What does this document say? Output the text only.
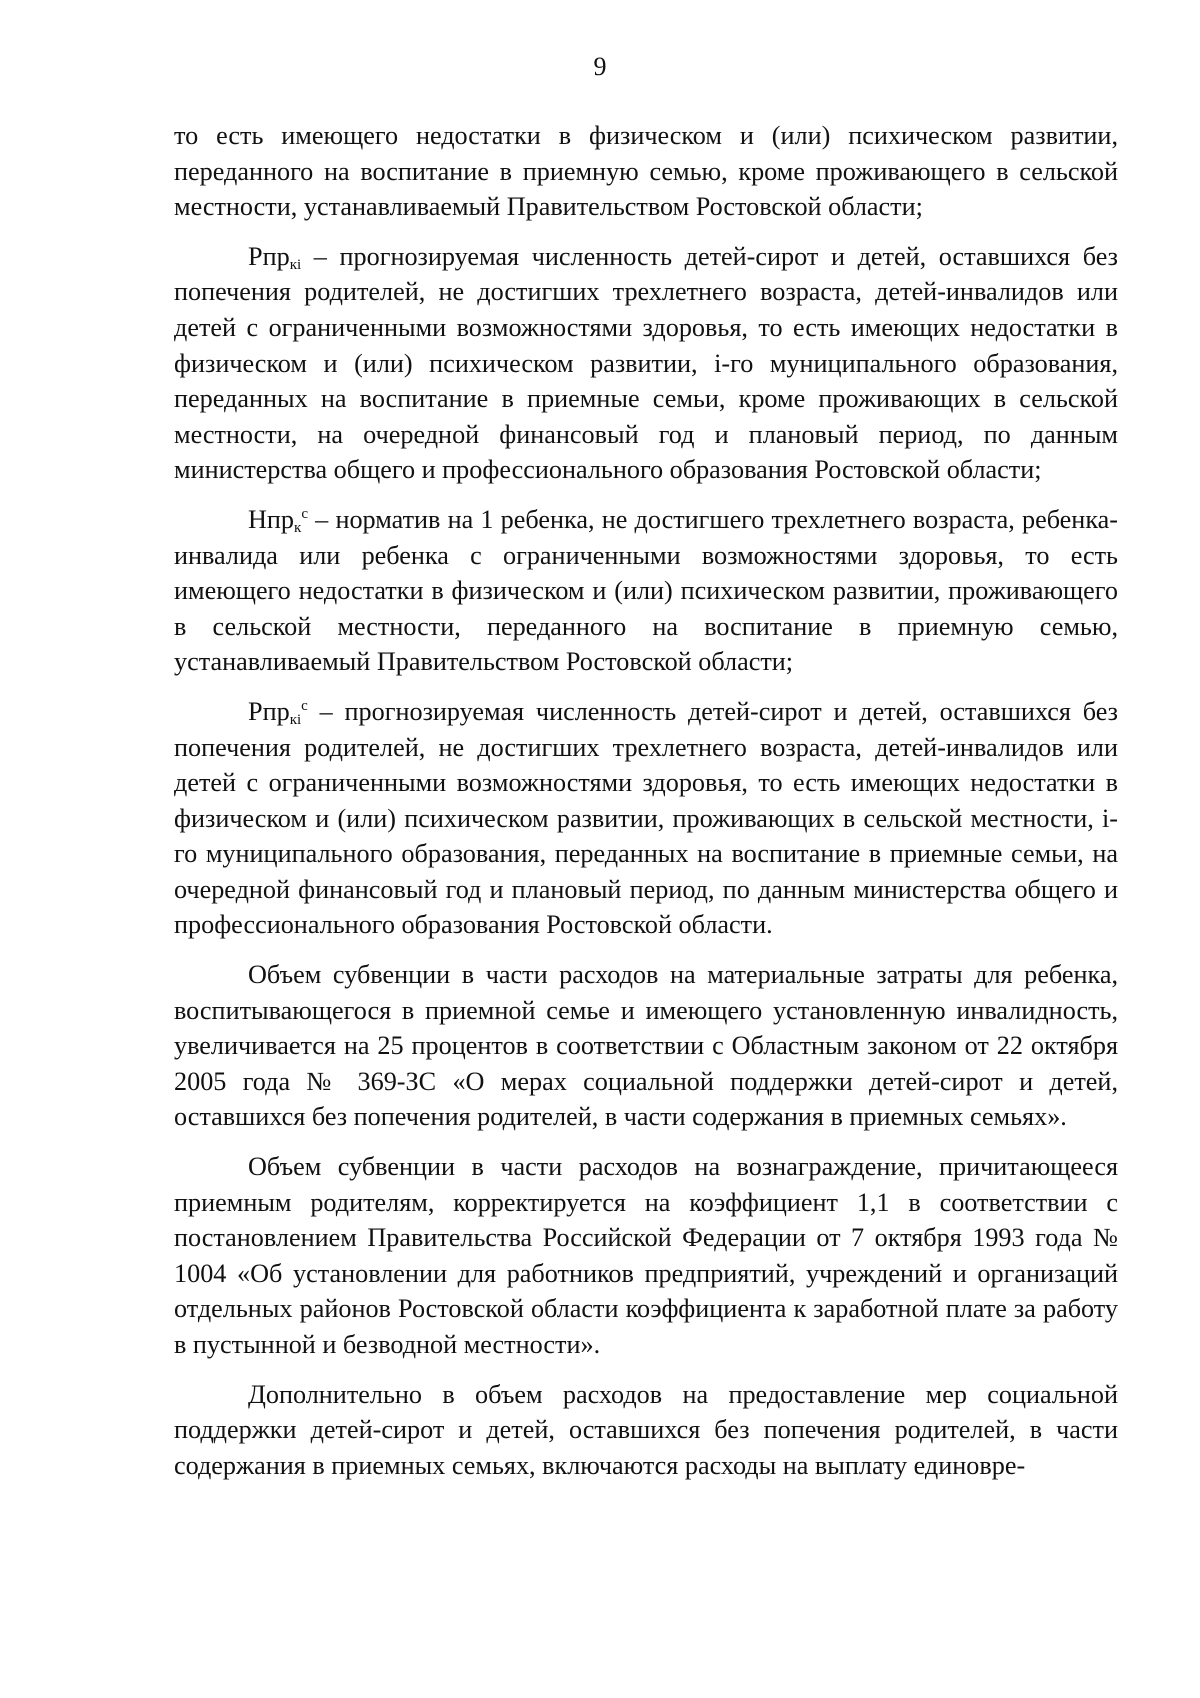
9

то есть имеющего недостатки в физическом и (или) психическом развитии, переданного на воспитание в приемную семью, кроме проживающего в сельской местности, устанавливаемый Правительством Ростовской области;

Рпр$_{кi}$ – прогнозируемая численность детей-сирот и детей, оставшихся без попечения родителей, не достигших трехлетнего возраста, детей-инвалидов или детей с ограниченными возможностями здоровья, то есть имеющих недостатки в физическом и (или) психическом развитии, i-го муниципального образования, переданных на воспитание в приемные семьи, кроме проживающих в сельской местности, на очередной финансовый год и плановый период, по данным министерства общего и профессионального образования Ростовской области;

Нпр$_к^с$ – норматив на 1 ребенка, не достигшего трехлетнего возраста, ребенка-инвалида или ребенка с ограниченными возможностями здоровья, то есть имеющего недостатки в физическом и (или) психическом развитии, проживающего в сельской местности, переданного на воспитание в приемную семью, устанавливаемый Правительством Ростовской области;

Рпр$_{кi}^с$ – прогнозируемая численность детей-сирот и детей, оставшихся без попечения родителей, не достигших трехлетнего возраста, детей-инвалидов или детей с ограниченными возможностями здоровья, то есть имеющих недостатки в физическом и (или) психическом развитии, проживающих в сельской местности, i-го муниципального образования, переданных на воспитание в приемные семьи, на очередной финансовый год и плановый период, по данным министерства общего и профессионального образования Ростовской области.

Объем субвенции в части расходов на материальные затраты для ребенка, воспитывающегося в приемной семье и имеющего установленную инвалидность, увеличивается на 25 процентов в соответствии с Областным законом от 22 октября 2005 года № 369-ЗС «О мерах социальной поддержки детей-сирот и детей, оставшихся без попечения родителей, в части содержания в приемных семьях».

Объем субвенции в части расходов на вознаграждение, причитающееся приемным родителям, корректируется на коэффициент 1,1 в соответствии с постановлением Правительства Российской Федерации от 7 октября 1993 года № 1004 «Об установлении для работников предприятий, учреждений и организаций отдельных районов Ростовской области коэффициента к заработной плате за работу в пустынной и безводной местности».

Дополнительно в объем расходов на предоставление мер социальной поддержки детей-сирот и детей, оставшихся без попечения родителей, в части содержания в приемных семьях, включаются расходы на выплату единовре-
